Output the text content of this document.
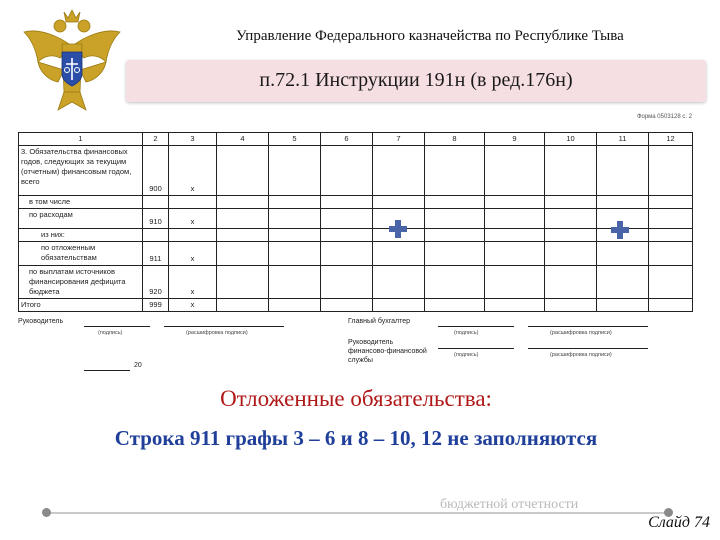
Управление Федерального казначейства по Республике Тыва
п.72.1 Инструкции 191н (в ред.176н)
Форма 0503128 с. 2
1	2	3	4	5	6	7	8	9	10	11	12
3. Обязательства финансовых годов, следующих за текущим (отчетным) финансовым годом, всего	900	x									
в том числе											
по расходам	910	x									
из них:											
по отложенным обязательствам	911	x									
по выплатам источников финансирования дефицита бюджета	920	x									
Итого	999	x									
Руководитель
(подпись)	(расшифровка подписи)
Главный бухгалтер
(подпись)	(расшифровка подписи)
Руководитель финансово-финансовой службы
(подпись)	(расшифровка подписи)
20
Отложенные обязательства:
Строка 911 графы 3 – 6 и 8 – 10, 12 не заполняются
бюджетной отчетности
Слайд 74
